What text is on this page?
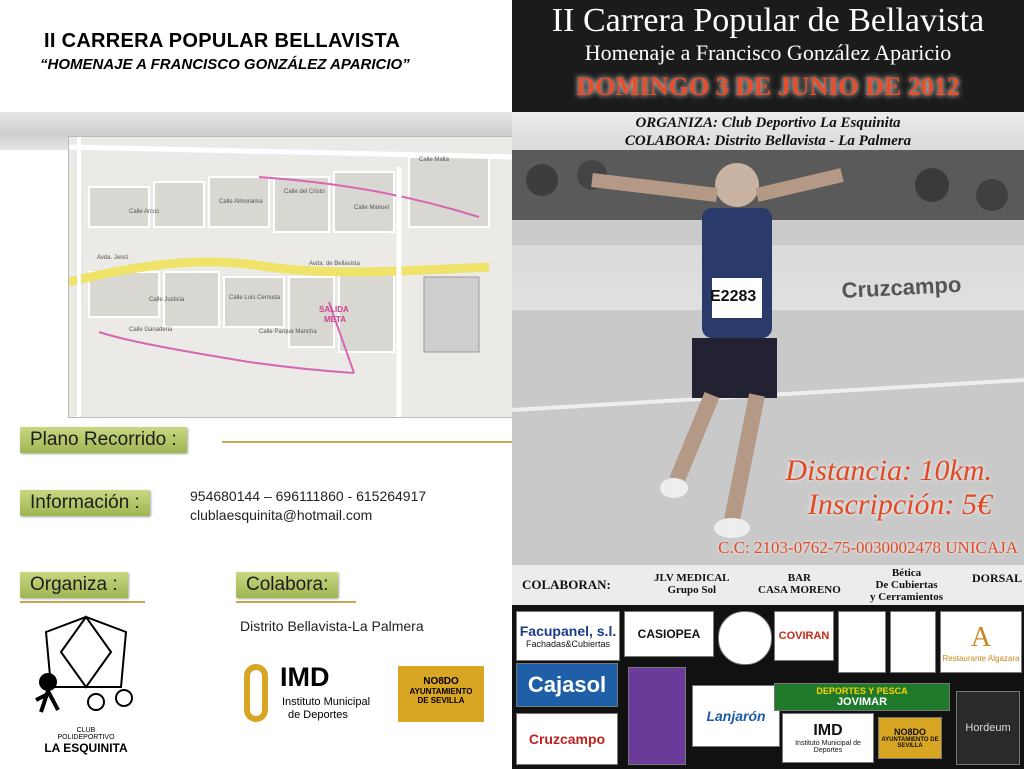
II CARRERA POPULAR BELLAVISTA
“HOMENAJE A FRANCISCO GONZÁLEZ APARICIO”
SALIDA
META
Calle Arcos
Calle Almoraima
Avda. Jerez
Calle del Cristo
Calle Manuel
Calle Justicia	Calle Luis Cernuda
Avda. de Bellavista
Calle Ganaderia	Calle Parque Mancha
Calle Malta
Plano Recorrido :
Información :	954680144 – 696111860 - 615264917
clublaesquinita@hotmail.com
Organiza :	Colabora:
Distrito Bellavista-La Palmera
CLUB
POLIDEPORTIVO
LA ESQUINITA
IMD
Instituto Municipal
de Deportes
NO8DO
AYUNTAMIENTO
DE SEVILLA
II Carrera Popular de Bellavista
Homenaje a Francisco González Aparicio
DOMINGO 3 DE JUNIO DE 2012
ORGANIZA: Club Deportivo La Esquinita
COLABORA: Distrito Bellavista - La Palmera
Cruzcampo
E2283
Distancia: 10km.
Inscripción: 5€
C.C: 2103-0762-75-0030002478 UNICAJA
COLABORAN:	JLV MEDICAL
Grupo Sol
BAR
CASA MORENO
Bética
De Cubiertas
y Cerramientos
DORSAL
Facupanel, s.l.
Fachadas&Cubiertas
CASIOPEA	COVIRAN	A
Restaurante Algazara
Cajasol
Lanjarón
DEPORTES Y PESCA
JOVIMAR
Hordeum
Cruzcampo	IMD
Instituto Municipal de Deportes
NO8DO
AYUNTAMIENTO DE SEVILLA
